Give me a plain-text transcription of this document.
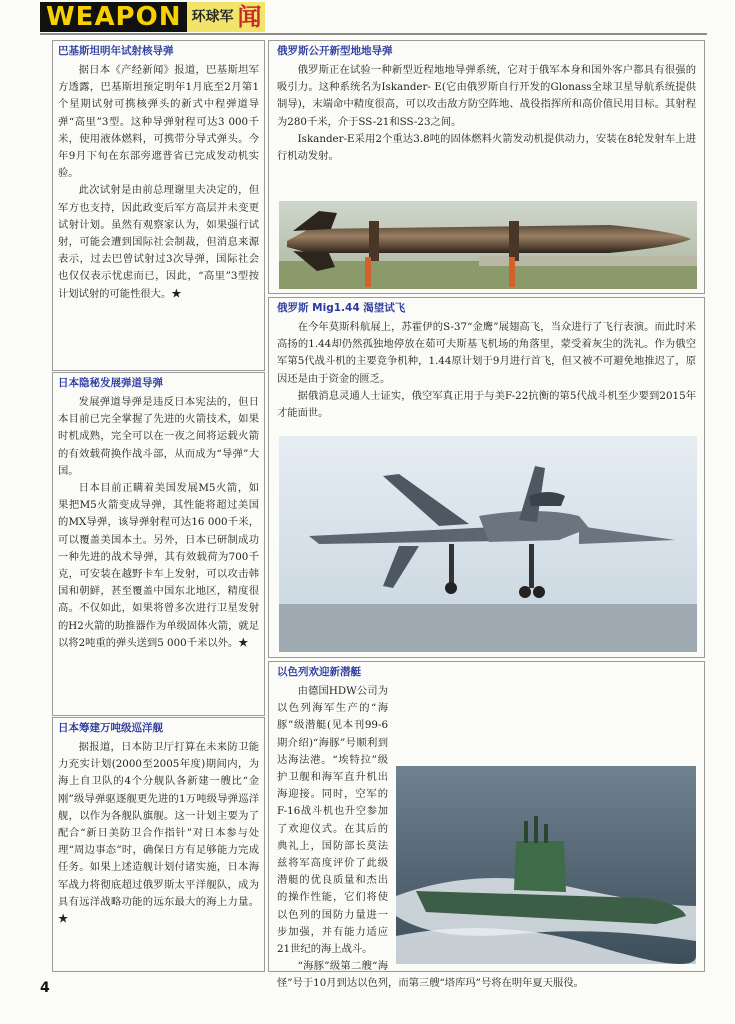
WEAPON 环球军 闻
巴基斯坦明年试射核导弹

据日本《产经新闻》报道，巴基斯坦军方透露，巴基斯坦预定明年1月底至2月第1个星期试射可携核弹头的新式中程弹道导弹“高里”3型。这种导弹射程可达3 000千米，使用液体燃料，可携带分导式弹头。今年9月下旬在东部旁遮普省已完成发动机实验。

此次试射是由前总理谢里夫决定的，但军方也支持，因此政变后军方高层并未变更试射计划。虽然有观察家认为，如果强行试射，可能会遭到国际社会制裁，但消息来源表示，过去巴曾试射过3次导弹，国际社会也仅仅表示忧虑而已，因此，“高里”3型按计划试射的可能性很大。★

日本隐秘发展弹道导弹

发展弹道导弹是违反日本宪法的，但日本目前已完全掌握了先进的火箭技术，如果时机成熟，完全可以在一夜之间将运载火箭的有效载荷换作战斗部，从而成为“导弹”大国。

日本目前正瞒着美国发展M5火箭，如果把M5火箭变成导弹，其性能将超过美国的MX导弹，该导弹射程可达16 000千米，可以覆盖美国本土。另外，日本已研制成功一种先进的战术导弹，其有效载荷为700千克，可安装在越野卡车上发射，可以攻击韩国和朝鲜，甚至覆盖中国东北地区，精度很高。不仅如此，如果将曾多次进行卫星发射的H2火箭的助推器作为单级固体火箭，就足以将2吨重的弹头送到5 000千米以外。★

日本筹建万吨级巡洋舰

据报道，日本防卫厅打算在未来防卫能力充实计划(2000至2005年度)期间内，为海上自卫队的4个分舰队各新建一艘比“金刚”级导弹驱逐舰更先进的1万吨级导弹巡洋舰，以作为各舰队旗舰。这一计划主要为了配合“新日美防卫合作指针”对日本参与处理“周边事态”时，确保日方有足够能力完成任务。如果上述造舰计划付诸实施，日本海军战力将彻底超过俄罗斯太平洋舰队，成为具有远洋战略功能的远东最大的海上力量。★

俄罗斯公开新型地地导弹

俄罗斯正在试验一种新型近程地地导弹系统，它对于俄军本身和国外客户都具有很强的吸引力。这种系统名为Iskander- E(它由俄罗斯自行开发的Glonass全球卫星导航系统提供制导)，末端命中精度很高，可以攻击敌方防空阵地、战役指挥所和高价值民用目标。其射程为280千米，介于SS-21和SS-23之间。

Iskander-E采用2个重达3.8吨的固体燃料火箭发动机提供动力，安装在8轮发射车上进行机动发射。

俄罗斯 Mig1.44 渴望试飞

在今年莫斯科航展上，苏霍伊的S-37“金鹰”展翅高飞，当众进行了飞行表演。而此时米高扬的1.44却仍然孤独地停放在茹可夫斯基飞机场的角落里，蒙受着灰尘的洗礼。作为俄空军第5代战斗机的主要竞争机种，1.44原计划于9月进行首飞，但又被不可避免地推迟了，原因还是由于资金的匮乏。

据俄消息灵通人士证实，俄空军真正用于与美F-22抗衡的第5代战斗机至少要到2015年才能面世。

以色列欢迎新潜艇

由德国HDW公司为以色列海军生产的“海豚”级潜艇(见本刊99-6期介绍)“海豚”号顺利到达海法港。“埃特拉”级护卫舰和海军直升机出海迎接。同时，空军的F-16战斗机也升空参加了欢迎仪式。在其后的典礼上，国防部长莫法兹将军高度评价了此级潜艇的优良质量和杰出的操作性能，它们将使以色列的国防力量进一步加强，并有能力适应21世纪的海上战斗。

“海豚”级第二艘“海怪”号于10月到达以色列，而第三艘“塔库玛”号将在明年夏天服役。

4
